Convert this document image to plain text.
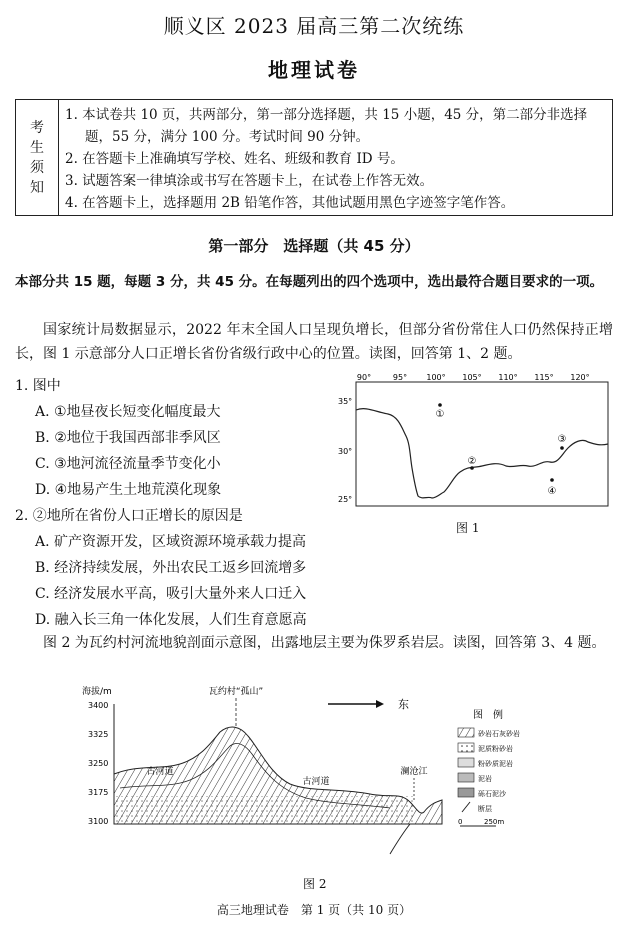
顺义区 2023 届高三第二次统练
地理试卷
考
生
须
知
1. 本试卷共 10 页，共两部分，第一部分选择题，共 15 小题，45 分，第二部分非选择题，55 分，满分 100 分。考试时间 90 分钟。
2. 在答题卡上准确填写学校、姓名、班级和教育 ID 号。
3. 试题答案一律填涂或书写在答题卡上，在试卷上作答无效。
4. 在答题卡上，选择题用 2B 铅笔作答，其他试题用黑色字迹签字笔作答。
第一部分　选择题（共 45 分）
本部分共 15 题，每题 3 分，共 45 分。在每题列出的四个选项中，选出最符合题目要求的一项。
国家统计局数据显示，2022 年末全国人口呈现负增长，但部分省份常住人口仍然保持正增长，图 1 示意部分人口正增长省份省级行政中心的位置。读图，回答第 1、2 题。
1. 图中
A. ①地昼夜长短变化幅度最大
B. ②地位于我国西部非季风区
C. ③地河流径流量季节变化小
D. ④地易产生土地荒漠化现象
2. ②地所在省份人口正增长的原因是
A. 矿产资源开发，区域资源环境承载力提高
B. 经济持续发展，外出农民工返乡回流增多
C. 经济发展水平高，吸引大量外来人口迁入
D. 融入长三角一体化发展，人们生育意愿高
90°	95° 100° 105° 110° 115° 120°
35°
30°
25°
①
②
③
④
图 1
图 2 为瓦约村河流地貌剖面示意图，出露地层主要为侏罗系岩层。读图，回答第 3、4 题。
海拔/m
3400
3325
3250
3175
3100
瓦约村“孤山”
东
古河道
古河道
澜沧江
图　例
砂岩石灰砂岩
泥质粉砂岩
粉砂质泥岩
泥岩
砾石泥沙
断层
0	250m
图 2
高三地理试卷　第 1 页（共 10 页）
